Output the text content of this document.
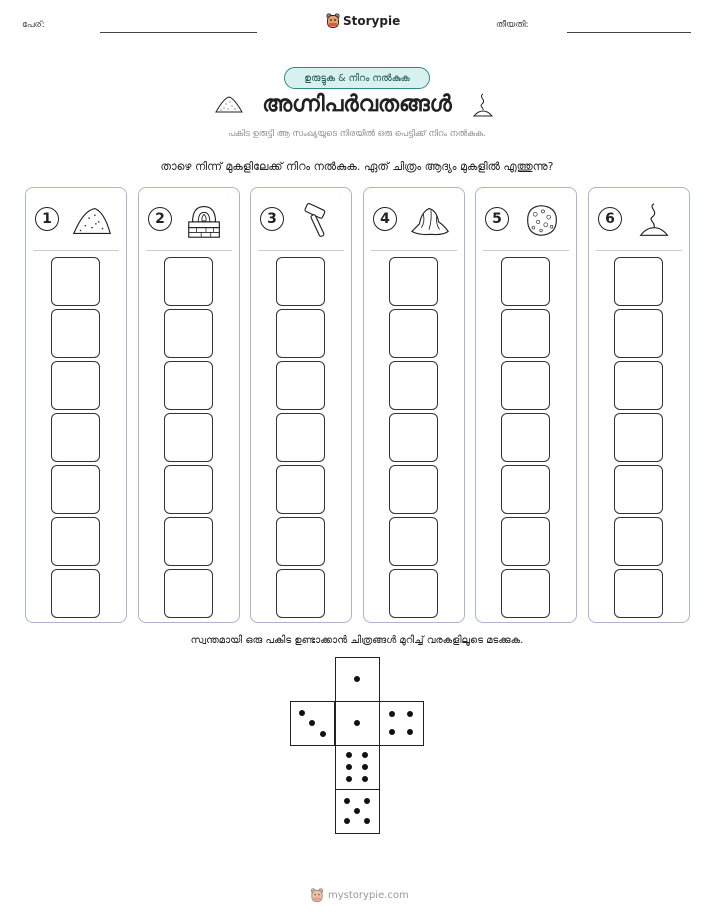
പേര്:	Storypie	തീയതി:
ഉരുട്ടുക & നിറം നൽകുക
അഗ്നിപർവതങ്ങൾ
പകിട ഉരുട്ടി ആ സംഖ്യയുടെ നിരയിൽ ഒരു പെട്ടിക്ക് നിറം നൽകുക.
താഴെ നിന്ന് മുകളിലേക്ക് നിറം നൽകുക. ഏത് ചിത്രം ആദ്യം മുകളിൽ എത്തുന്നു?
1	2	3	4	5	6
സ്വന്തമായി ഒരു പകിട ഉണ്ടാക്കാൻ ചിത്രങ്ങൾ മുറിച്ച് വരകളിലൂടെ മടക്കുക.
mystorypie.com
